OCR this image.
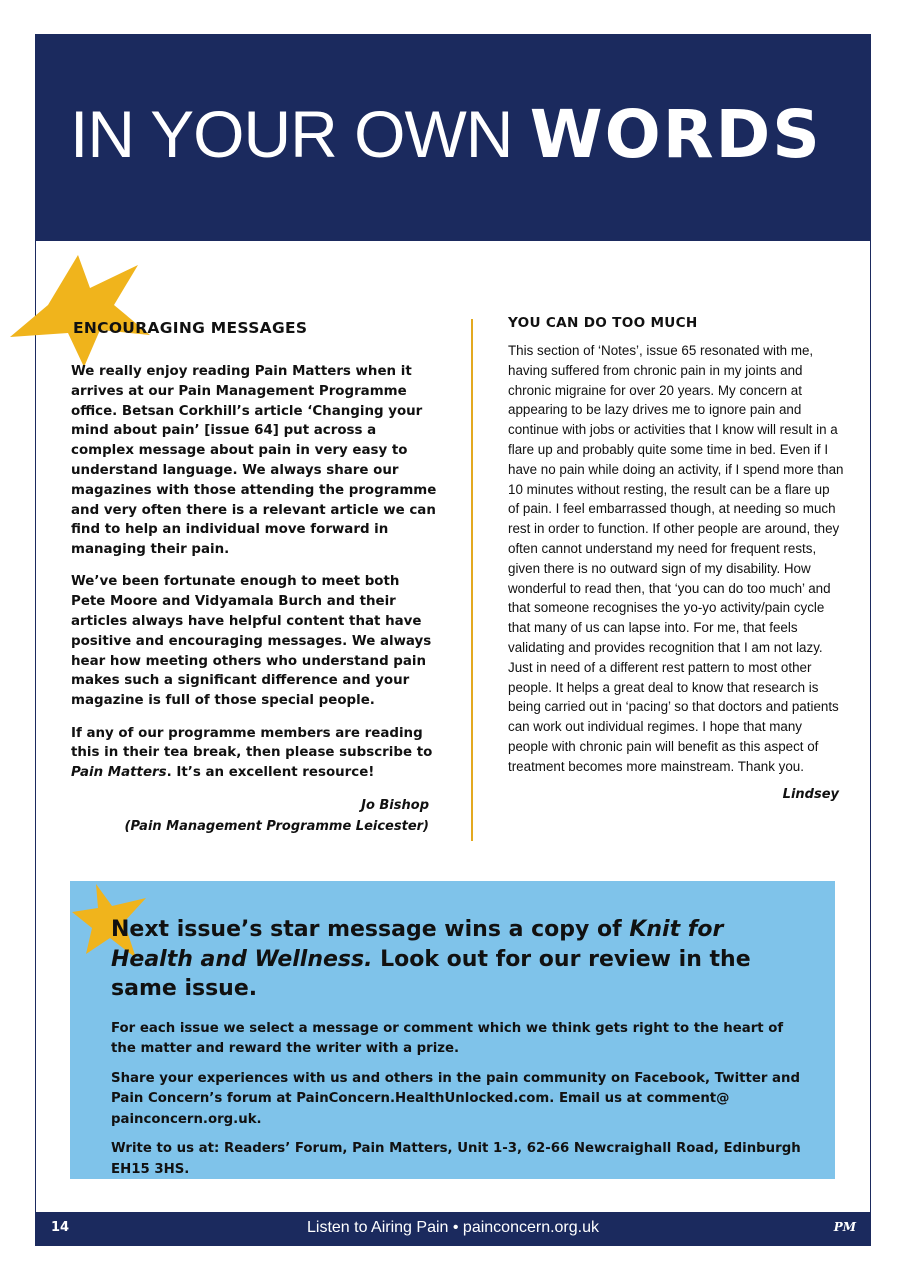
IN YOUR OWN WORDS
ENCOURAGING MESSAGES

We really enjoy reading Pain Matters when it arrives at our Pain Management Programme office. Betsan Corkhill’s article ‘Changing your mind about pain’ [issue 64] put across a complex message about pain in very easy to understand language. We always share our magazines with those attending the programme and very often there is a relevant article we can find to help an individual move forward in managing their pain.

We’ve been fortunate enough to meet both Pete Moore and Vidyamala Burch and their articles always have helpful content that have positive and encouraging messages. We always hear how meeting others who understand pain makes such a significant difference and your magazine is full of those special people.

If any of our programme members are reading this in their tea break, then please subscribe to Pain Matters. It’s an excellent resource!

Jo Bishop
(Pain Management Programme Leicester)
YOU CAN DO TOO MUCH

This section of ‘Notes’, issue 65 resonated with me, having suffered from chronic pain in my joints and chronic migraine for over 20 years. My concern at appearing to be lazy drives me to ignore pain and continue with jobs or activities that I know will result in a flare up and probably quite some time in bed. Even if I have no pain while doing an activity, if I spend more than 10 minutes without resting, the result can be a flare up of pain. I feel embarrassed though, at needing so much rest in order to function. If other people are around, they often cannot understand my need for frequent rests, given there is no outward sign of my disability. How wonderful to read then, that ‘you can do too much’ and that someone recognises the yo-yo activity/pain cycle that many of us can lapse into. For me, that feels validating and provides recognition that I am not lazy. Just in need of a different rest pattern to most other people. It helps a great deal to know that research is being carried out in ‘pacing’ so that doctors and patients can work out individual regimes. I hope that many people with chronic pain will benefit as this aspect of treatment becomes more mainstream. Thank you.

Lindsey
Next issue’s star message wins a copy of Knit for Health and Wellness. Look out for our review in the same issue.
For each issue we select a message or comment which we think gets right to the heart of the matter and reward the writer with a prize.
Share your experiences with us and others in the pain community on Facebook, Twitter and Pain Concern’s forum at PainConcern.HealthUnlocked.com. Email us at comment@ painconcern.org.uk.
Write to us at: Readers’ Forum, Pain Matters, Unit 1-3, 62-66 Newcraighall Road, Edinburgh EH15 3HS.
14	Listen to Airing Pain • painconcern.org.uk	PM
